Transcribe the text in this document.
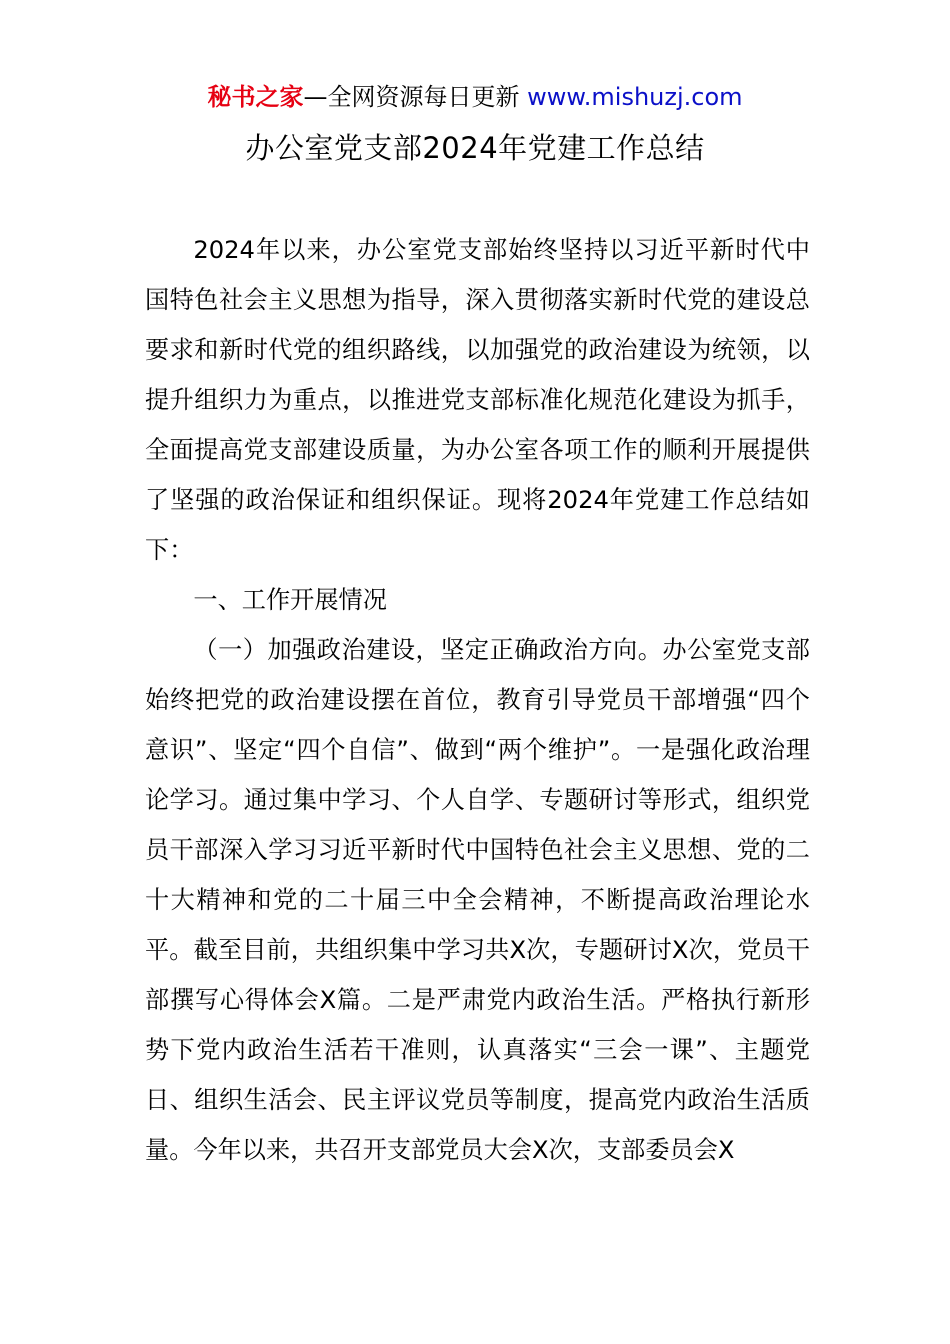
秘书之家—全网资源每日更新 www.mishuzj.com
办公室党支部2024年党建工作总结

2024年以来，办公室党支部始终坚持以习近平新时代中国特色社会主义思想为指导，深入贯彻落实新时代党的建设总要求和新时代党的组织路线，以加强党的政治建设为统领，以提升组织力为重点，以推进党支部标准化规范化建设为抓手，全面提高党支部建设质量，为办公室各项工作的顺利开展提供了坚强的政治保证和组织保证。现将2024年党建工作总结如下：

一、工作开展情况

（一）加强政治建设，坚定正确政治方向。办公室党支部始终把党的政治建设摆在首位，教育引导党员干部增强“四个意识”、坚定“四个自信”、做到“两个维护”。一是强化政治理论学习。通过集中学习、个人自学、专题研讨等形式，组织党员干部深入学习习近平新时代中国特色社会主义思想、党的二十大精神和党的二十届三中全会精神，不断提高政治理论水平。截至目前，共组织集中学习共X次，专题研讨X次，党员干部撰写心得体会X篇。二是严肃党内政治生活。严格执行新形势下党内政治生活若干准则，认真落实“三会一课”、主题党日、组织生活会、民主评议党员等制度，提高党内政治生活质量。今年以来，共召开支部党员大会X次，支部委员会X
